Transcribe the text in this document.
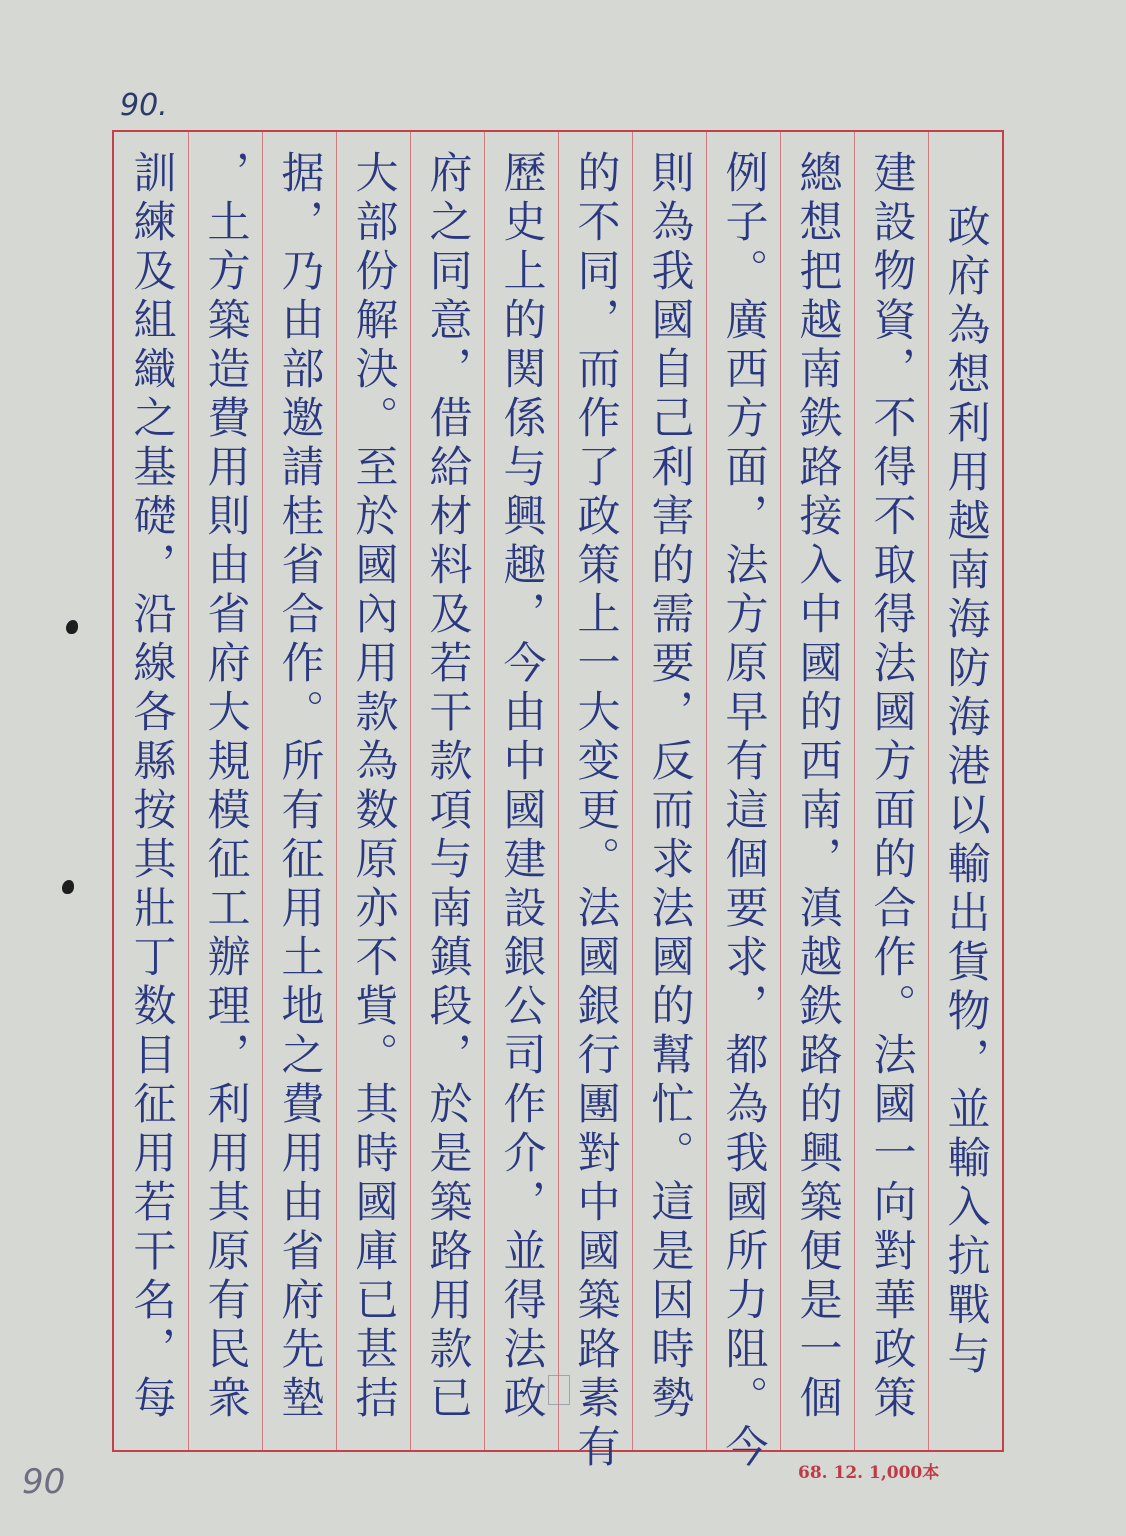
90.
政府為想利用越南海防海港以輸出貨物，並輸入抗戰与
建設物資，不得不取得法國方面的合作。法國一向對華政策
總想把越南鉄路接入中國的西南，滇越鉄路的興築便是一個
例子。廣西方面，法方原早有這個要求，都為我國所力阻。今
則為我國自己利害的需要，反而求法國的幫忙。這是因時勢
的不同，而作了政策上一大变更。法國銀行團對中國築路素有
歷史上的関係与興趣，今由中國建設銀公司作介，並得法政
府之同意，借給材料及若干款項与南鎮段，於是築路用款已
大部份解決。至於國內用款為数原亦不貲。其時國庫已甚拮
据，乃由部邀請桂省合作。所有征用土地之費用由省府先墊
，土方築造費用則由省府大規模征工辦理，利用其原有民衆
訓練及組織之基礎，沿線各縣按其壯丁数目征用若干名，每
68. 12. 1,000本
90
